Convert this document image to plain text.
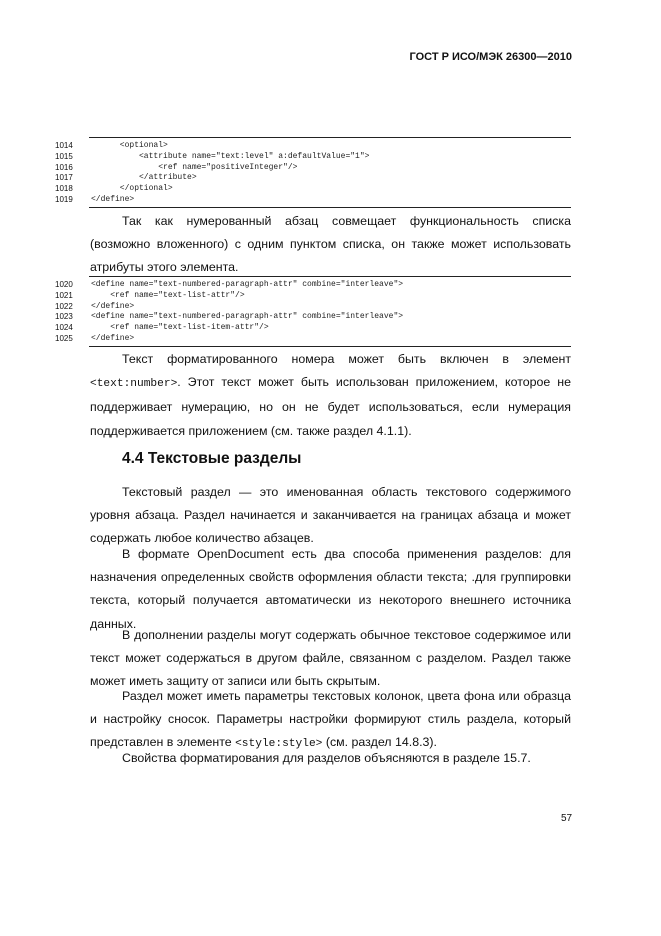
ГОСТ Р ИСО/МЭК 26300—2010
1014	<optional>
1015	<attribute name="text:level" a:defaultValue="1">
1016	<ref name="positiveInteger"/>
1017	</attribute>
1018	</optional>
1019	</define>
Так как нумерованный абзац совмещает функциональность списка (возможно вложенного) с одним пунктом списка, он также может использовать атрибуты этого элемента.
1020	<define name="text-numbered-paragraph-attr" combine="interleave">
1021	<ref name="text-list-attr"/>
1022	</define>
1023	<define name="text-numbered-paragraph-attr" combine="interleave">
1024	<ref name="text-list-item-attr"/>
1025	</define>
Текст форматированного номера может быть включен в элемент <text:number>. Этот текст может быть использован приложением, которое не поддерживает нумерацию, но он не будет использоваться, если нумерация поддерживается приложением (см. также раздел 4.1.1).
4.4 Текстовые разделы
Текстовый раздел — это именованная область текстового содержимого уровня абзаца. Раздел начинается и заканчивается на границах абзаца и может содержать любое количество абзацев.
В формате OpenDocument есть два способа применения разделов: для назначения определенных свойств оформления области текста; .для группировки текста, который получается автоматически из некоторого внешнего источника данных.
В дополнении разделы могут содержать обычное текстовое содержимое или текст может содержаться в другом файле, связанном с разделом. Раздел также может иметь защиту от записи или быть скрытым.
Раздел может иметь параметры текстовых колонок, цвета фона или образца и настройку сносок. Параметры настройки формируют стиль раздела, который представлен в элементе <style:style> (см. раздел 14.8.3).
Свойства форматирования для разделов объясняются в разделе 15.7.
57
